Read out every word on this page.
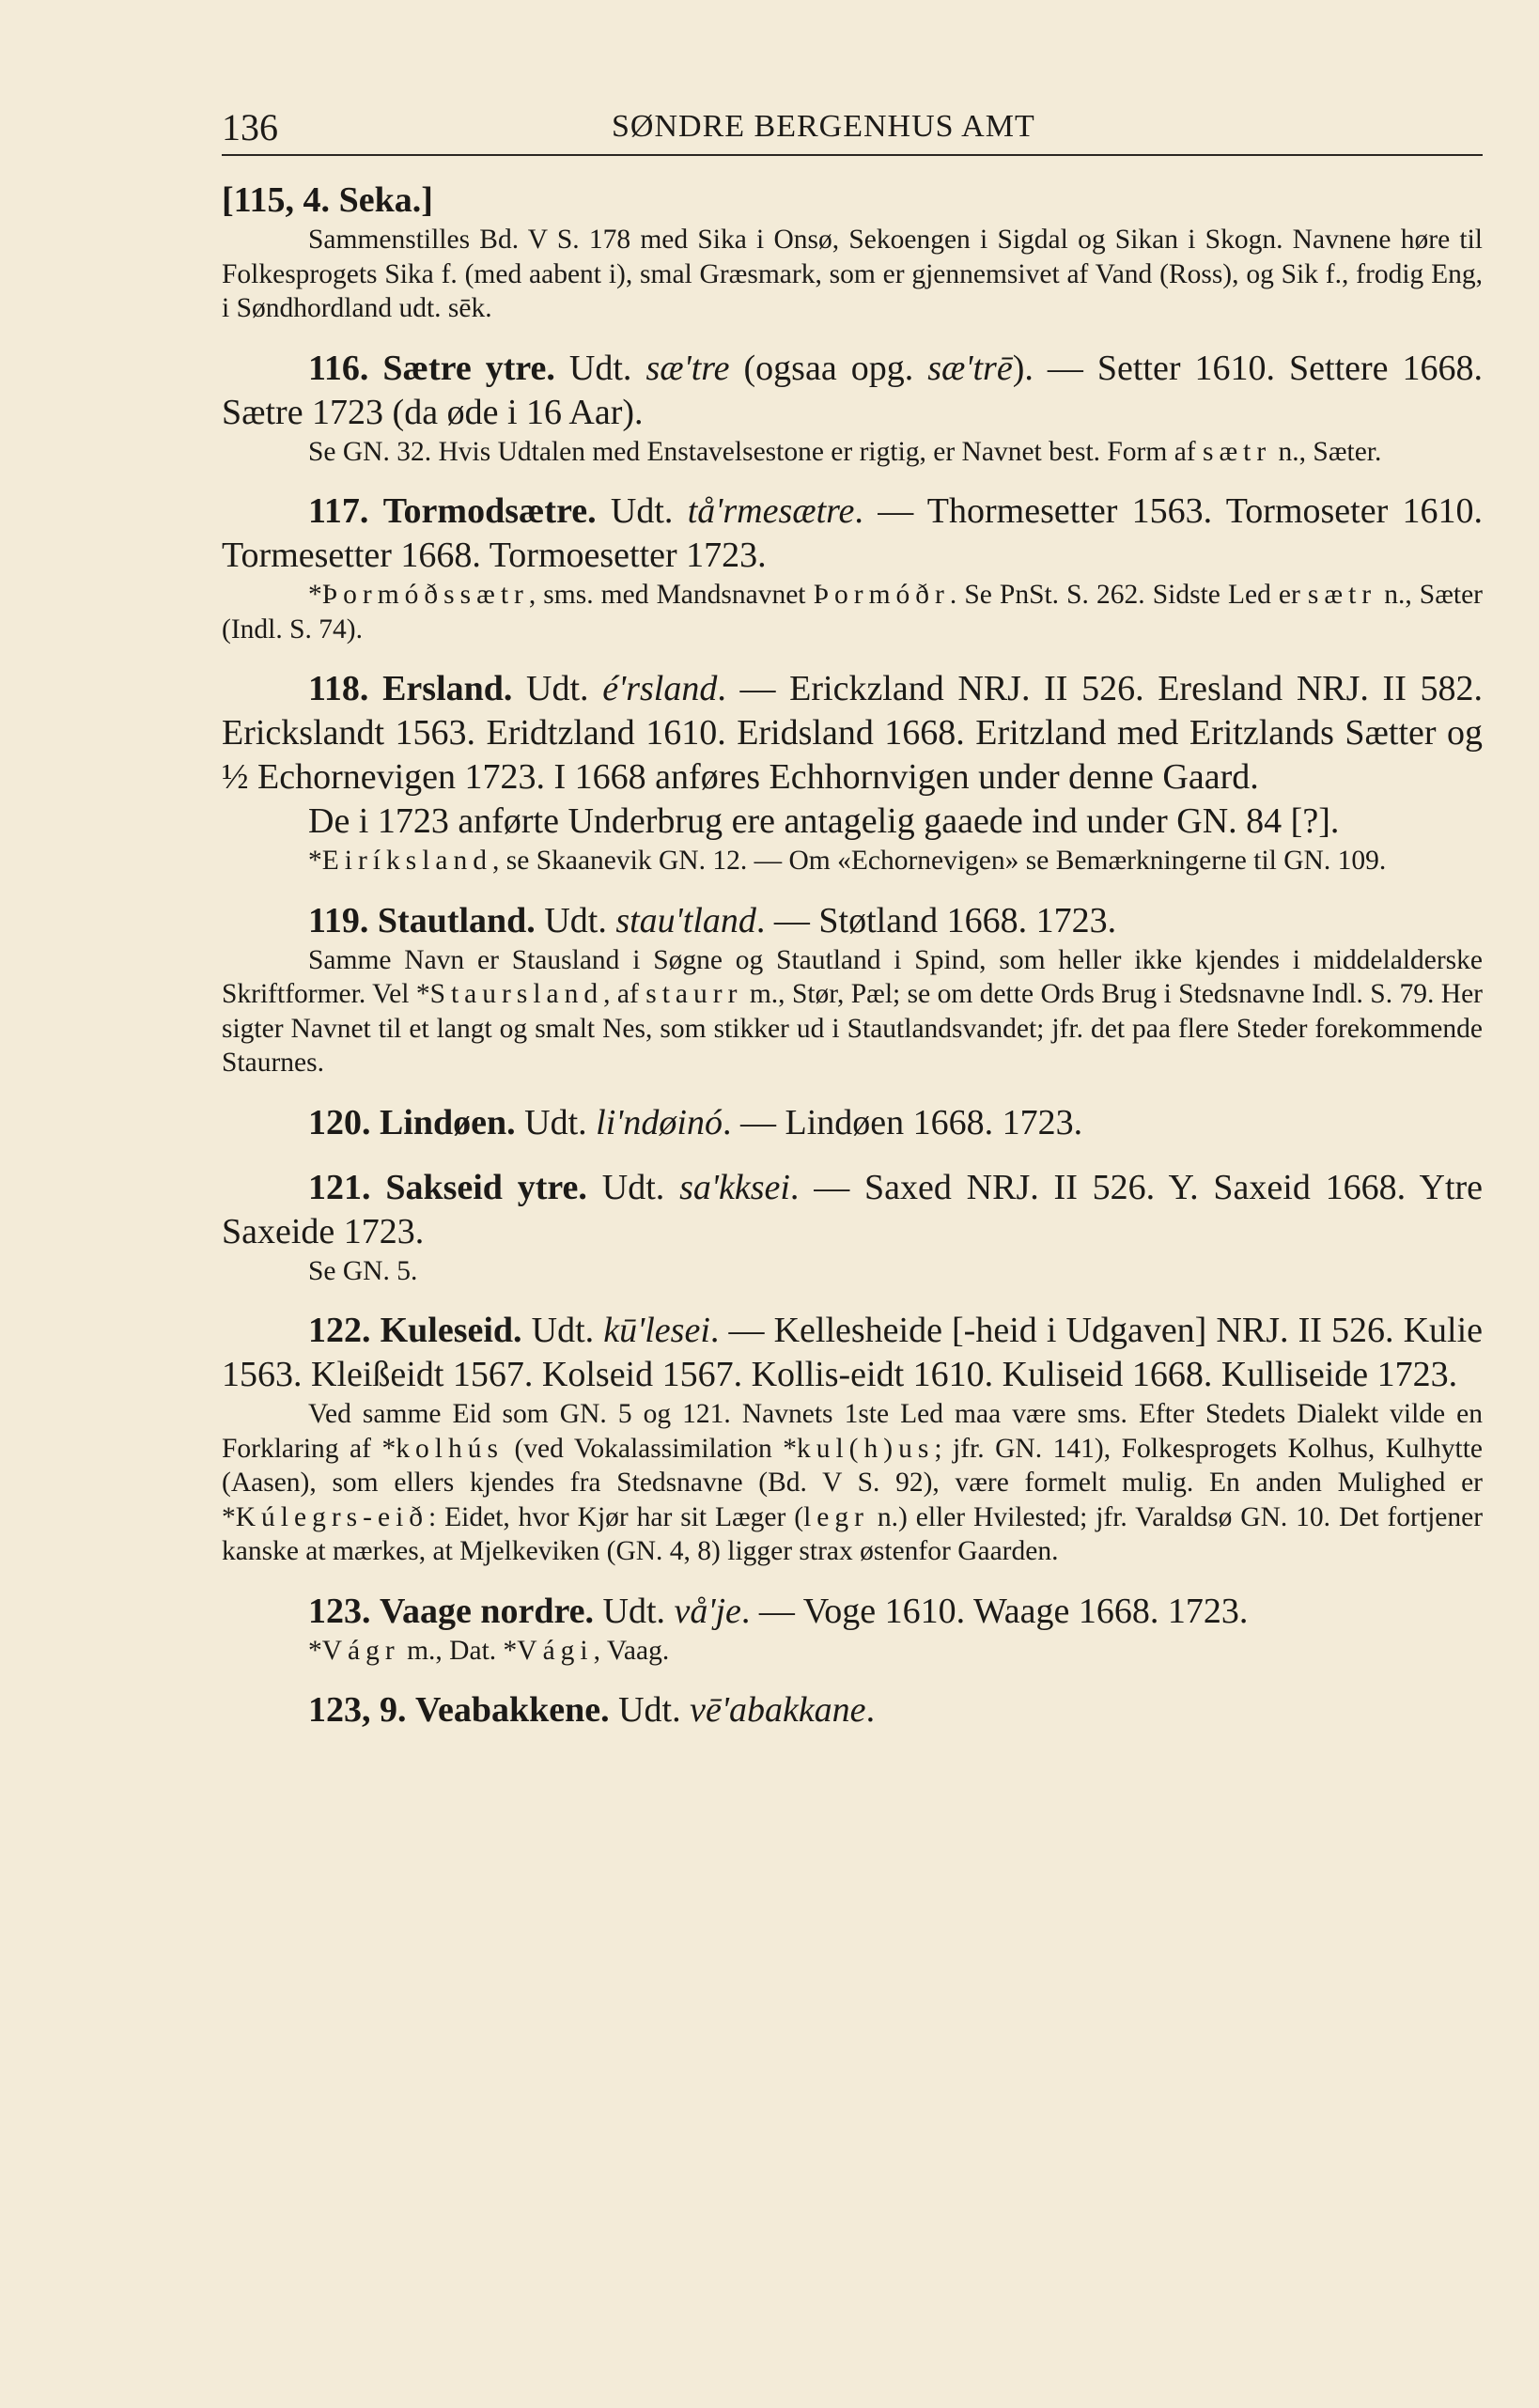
136	SØNDRE BERGENHUS AMT

[115, 4. Seka.]

Sammenstilles Bd. V S. 178 med Sika i Onsø, Sekoengen i Sigdal og Sikan i Skogn. Navnene høre til Folkesprogets Sika f. (med aabent i), smal Græsmark, som er gjennemsivet af Vand (Ross), og Sik f., frodig Eng, i Søndhordland udt. sēk.

116. Sætre ytre. Udt. sæ'tre (ogsaa opg. sæ'trē). — Setter 1610. Settere 1668. Sætre 1723 (da øde i 16 Aar).

Se GN. 32. Hvis Udtalen med Enstavelsestone er rigtig, er Navnet best. Form af sætr n., Sæter.

117. Tormodsætre. Udt. tå'rmesætre. — Thormesetter 1563. Tormoseter 1610. Tormesetter 1668. Tormoesetter 1723.

*Þormóðssætr, sms. med Mandsnavnet Þormóðr. Se PnSt. S. 262. Sidste Led er sætr n., Sæter (Indl. S. 74).

118. Ersland. Udt. é'rsland. — Erickzland NRJ. II 526. Eresland NRJ. II 582. Erickslandt 1563. Eridtzland 1610. Eridsland 1668. Eritzland med Eritzlands Sætter og ½ Echornevigen 1723. I 1668 anføres Echhornvigen under denne Gaard.

De i 1723 anførte Underbrug ere antagelig gaaede ind under GN. 84 [?].

*Eiríksland, se Skaanevik GN. 12. — Om «Echornevigen» se Bemærkningerne til GN. 109.

119. Stautland. Udt. stau'tland. — Støtland 1668. 1723.

Samme Navn er Stausland i Søgne og Stautland i Spind, som heller ikke kjendes i middelalderske Skriftformer. Vel *Staursland, af staurr m., Stør, Pæl; se om dette Ords Brug i Stedsnavne Indl. S. 79. Her sigter Navnet til et langt og smalt Nes, som stikker ud i Stautlandsvandet; jfr. det paa flere Steder forekommende Staurnes.

120. Lindøen. Udt. li'ndøinó. — Lindøen 1668. 1723.

121. Sakseid ytre. Udt. sa'kksei. — Saxed NRJ. II 526. Y. Saxeid 1668. Ytre Saxeide 1723.

Se GN. 5.

122. Kuleseid. Udt. kū'lesei. — Kellesheide [-heid i Udgaven] NRJ. II 526. Kulie 1563. Kleißeidt 1567. Kolseid 1567. Kollis-eidt 1610. Kuliseid 1668. Kulliseide 1723.

Ved samme Eid som GN. 5 og 121. Navnets 1ste Led maa være sms. Efter Stedets Dialekt vilde en Forklaring af *kolhús (ved Vokalassimilation *kul(h)us; jfr. GN. 141), Folkesprogets Kolhus, Kulhytte (Aasen), som ellers kjendes fra Stedsnavne (Bd. V S. 92), være formelt mulig. En anden Mulighed er *Kúlegrs-eið: Eidet, hvor Kjør har sit Læger (legr n.) eller Hvilested; jfr. Varaldsø GN. 10. Det fortjener kanske at mærkes, at Mjelkeviken (GN. 4, 8) ligger strax østenfor Gaarden.

123. Vaage nordre. Udt. vå'je. — Voge 1610. Waage 1668. 1723.

*Vágr m., Dat. *Vági, Vaag.

123, 9. Veabakkene. Udt. vē'abakkane.
